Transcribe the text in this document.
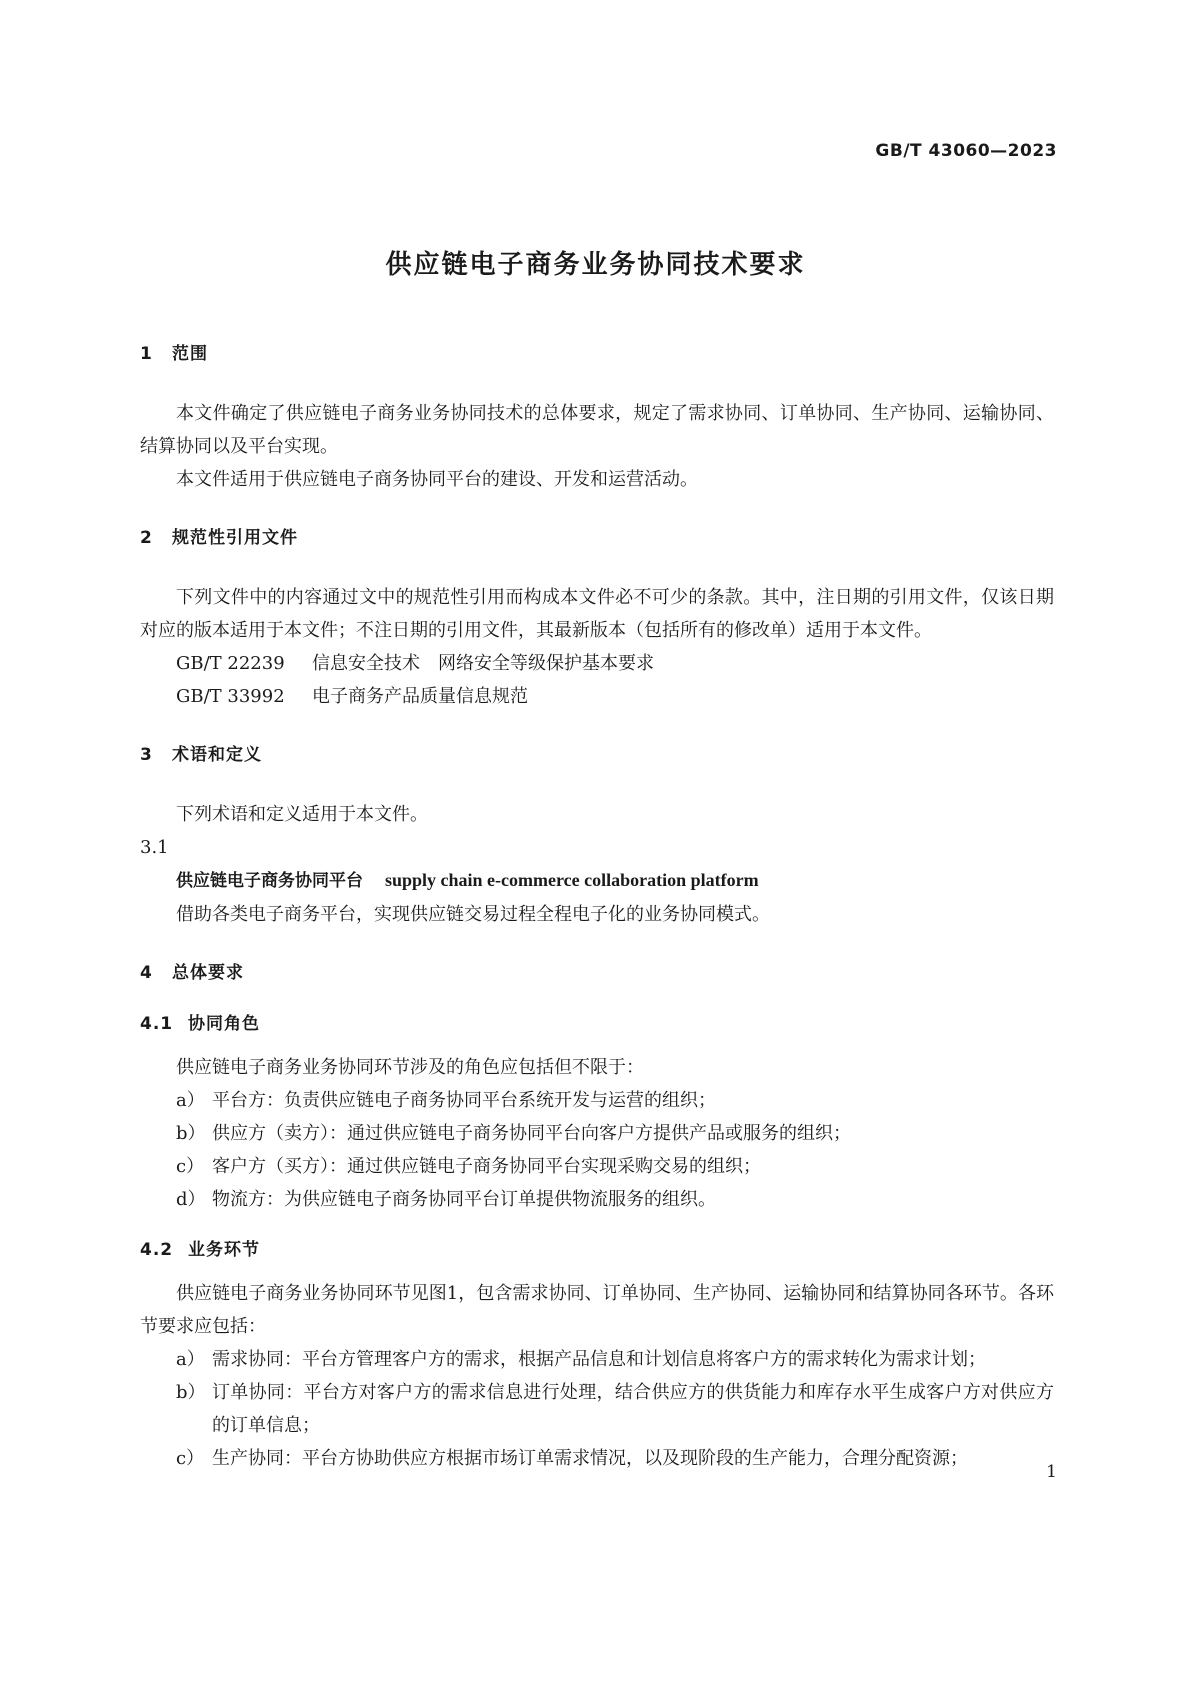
GB/T 43060—2023
供应链电子商务业务协同技术要求
1 范围

本文件确定了供应链电子商务业务协同技术的总体要求，规定了需求协同、订单协同、生产协同、运输协同、结算协同以及平台实现。

本文件适用于供应链电子商务协同平台的建设、开发和运营活动。

2 规范性引用文件

下列文件中的内容通过文中的规范性引用而构成本文件必不可少的条款。其中，注日期的引用文件，仅该日期对应的版本适用于本文件；不注日期的引用文件，其最新版本（包括所有的修改单）适用于本文件。

GB/T 22239 信息安全技术　网络安全等级保护基本要求
GB/T 33992 电子商务产品质量信息规范
3 术语和定义

下列术语和定义适用于本文件。

3.1
供应链电子商务协同平台 supply chain e-commerce collaboration platform
借助各类电子商务平台，实现供应链交易过程全程电子化的业务协同模式。
4 总体要求
4.1 协同角色

供应链电子商务业务协同环节涉及的角色应包括但不限于：

a） 平台方：负责供应链电子商务协同平台系统开发与运营的组织；
b） 供应方（卖方）：通过供应链电子商务协同平台向客户方提供产品或服务的组织；
c） 客户方（买方）：通过供应链电子商务协同平台实现采购交易的组织；
d） 物流方：为供应链电子商务协同平台订单提供物流服务的组织。
4.2 业务环节

供应链电子商务业务协同环节见图1，包含需求协同、订单协同、生产协同、运输协同和结算协同各环节。各环节要求应包括：

a） 需求协同：平台方管理客户方的需求，根据产品信息和计划信息将客户方的需求转化为需求计划；
b） 订单协同：平台方对客户方的需求信息进行处理，结合供应方的供货能力和库存水平生成客户方对供应方的订单信息；
c） 生产协同：平台方协助供应方根据市场订单需求情况，以及现阶段的生产能力，合理分配资源；
1
